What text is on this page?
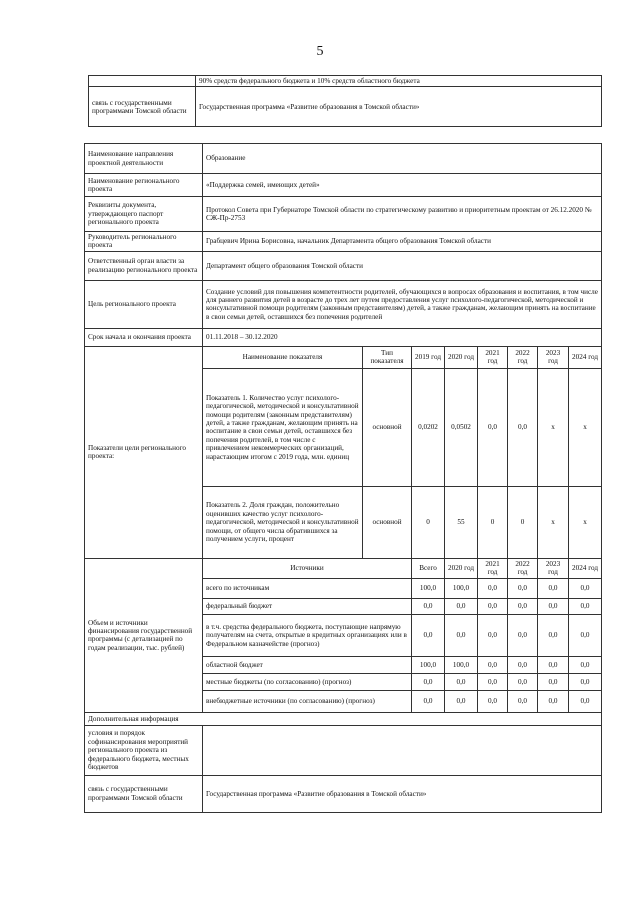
5
	90% средств федерального бюджета и 10% средств областного бюджета
связь с государственными программами Томской области	Государственная программа «Развитие образования в Томской области»
Наименование направления проектной деятельности	Образование							
Наименование регионального проекта	«Поддержка семей, имеющих детей»							
Реквизиты документа, утверждающего паспорт регионального проекта	Протокол Совета при Губернаторе Томской области по стратегическому развитию и приоритетным проектам от 26.12.2020 № СЖ-Пр-2753							
Руководитель регионального проекта	Грабцевич Ирина Борисовна, начальник Департамента общего образования Томской области							
Ответственный орган власти за реализацию регионального проекта	Департамент общего образования Томской области							
Цель регионального проекта	Создание условий для повышения компетентности родителей, обучающихся в вопросах образования и воспитания, в том числе для раннего развития детей в возрасте до трех лет путем предоставления услуг психолого-педагогической, методической и консультативной помощи родителям (законным представителям) детей, а также гражданам, желающим принять на воспитание в свои семьи детей, оставшихся без попечения родителей							
Срок начала и окончания проекта	01.11.2018 – 30.12.2020							
Показатели цели регионального проекта:	Наименование показателя	Тип показателя	2019 год	2020 год	2021 год	2022 год	2023 год	2024 год
	Показатель 1. Количество услуг психолого-педагогической, методической и консультативной помощи родителям (законным представителям) детей, а также гражданам, желающим принять на воспитание в свои семьи детей, оставшихся без попечения родителей, в том числе с привлечением некоммерческих организаций, нарастающим итогом с 2019 года, млн. единиц	основной	0,0202	0,0502	0,0	0,0	x	x
	Показатель 2. Доля граждан, положительно оценивших качество услуг психолого-педагогической, методической и консультативной помощи, от общего числа обратившихся за получением услуги, процент	основной	0	55	0	0	x	x
Объем и источники финансирования государственной программы (с детализацией по годам реализации, тыс. рублей)	Источники		Всего	2020 год	2021 год	2022 год	2023 год	2024 год
	всего по источникам		100,0	100,0	0,0	0,0	0,0	0,0
	федеральный бюджет		0,0	0,0	0,0	0,0	0,0	0,0
	в т.ч. средства федерального бюджета, поступающие напрямую получателям на счета, открытые в кредитных организациях или в Федеральном казначействе (прогноз)		0,0	0,0	0,0	0,0	0,0	0,0
	областной бюджет		100,0	100,0	0,0	0,0	0,0	0,0
	местные бюджеты (по согласованию) (прогноз)		0,0	0,0	0,0	0,0	0,0	0,0
	внебюджетные источники (по согласованию) (прогноз)		0,0	0,0	0,0	0,0	0,0	0,0
Дополнительная информация								
условия и порядок софинансирования мероприятий регионального проекта из федерального бюджета, местных бюджетов								
связь с государственными программами Томской области	Государственная программа «Развитие образования в Томской области»							
